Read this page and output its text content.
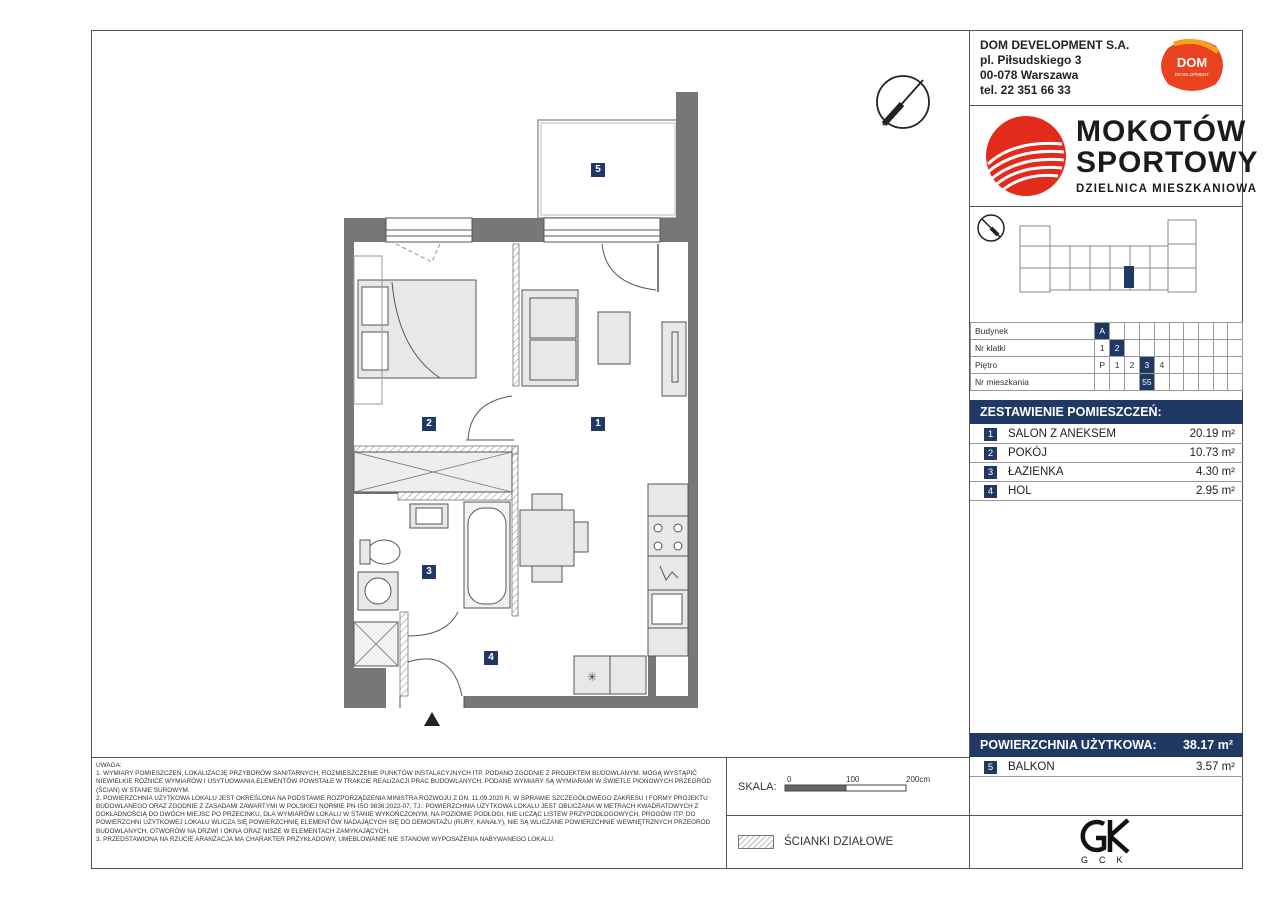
DOM DEVELOPMENT S.A.
pl. Piłsudskiego 3
00-078 Warszawa
tel. 22 351 66 33
DOM
DEVELOPMENT
MOKOTÓW
SPORTOWY
DZIELNICA MIESZKANIOWA
Budynek	A									
Nr klatki	1	2								
Piętro	P	1	2	3	4					
Nr mieszkania				55						
ZESTAWIENIE POMIESZCZEŃ:
1	SALON Z ANEKSEM	20.19 m²
2	POKÓJ	10.73 m²
3	ŁAZIENKA	4.30 m²
4	HOL	2.95 m²
POWIERZCHNIA UŻYTKOWA: 38.17 m²
5	BALKON	3.57 m²
✳
5
2	1
3
4

UWAGA:

1. WYMIARY POMIESZCZEŃ, LOKALIZACJĘ PRZYBORÓW SANITARNYCH, ROZMIESZCZENIE PUNKTÓW INSTALACYJNYCH ITP. PODANO ZGODNIE Z PROJEKTEM BUDOWLANYM. MOGĄ WYSTĄPIĆ NIEWIELKIE RÓŻNICE WYMIARÓW I USYTUOWANIA ELEMENTÓW POWSTAŁE W TRAKCIE REALIZACJI PRAC BUDOWLANYCH. PODANE WYMIARY SĄ WYMIARAMI W ŚWIETLE PIONOWYCH PRZEGRÓD (ŚCIAN) W STANIE SUROWYM.

2. POWIERZCHNIA UŻYTKOWA LOKALU JEST OKREŚLONA NA PODSTAWIE ROZPORZĄDZENIA MINISTRA ROZWOJU Z DN. 11.09.2020 R. W SPRAWIE SZCZEGÓŁOWEGO ZAKRESU I FORMY PROJEKTU BUDOWLANEGO ORAZ ZGODNIE Z ZASADAMI ZAWARTYMI W POLSKIEJ NORMIE PN-ISO 9836:2022-07, TJ.: POWIERZCHNIA UŻYTKOWA LOKALU JEST OBLICZANA W METRACH KWADRATOWYCH Z DOKŁADNOŚCIĄ DO DWÓCH MIEJSC PO PRZECINKU, DLA WYMIARÓW LOKALU W STANIE WYKOŃCZONYM, NA POZIOMIE PODŁOGI, NIE LICZĄC LISTEW PRZYPODŁOGOWYCH, PROGÓW ITP. DO POWIERZCHNI UŻYTKOWEJ LOKALU WLICZA SIĘ POWIERZCHNIĘ ELEMENTÓW NADAJĄCYCH SIĘ DO DEMONTAŻU (RURY, KANAŁY), NIE SĄ WLICZANE POWIERZCHNIE WEWNĘTRZNYCH PRZEGRÓD BUDOWLANYCH, OTWORÓW NA DRZWI I OKNA ORAZ NISZE W ELEMENTACH ZAMYKAJĄCYCH.

3. PRZEDSTAWIONA NA RZUCIE ARANŻACJA MA CHARAKTER PRZYKŁADOWY, UMEBLOWANIE NIE STANOWI WYPOSAŻENIA NABYWANEGO LOKALU.

SKALA:
0	100	200cm
ŚCIANKI DZIAŁOWE
GCK
